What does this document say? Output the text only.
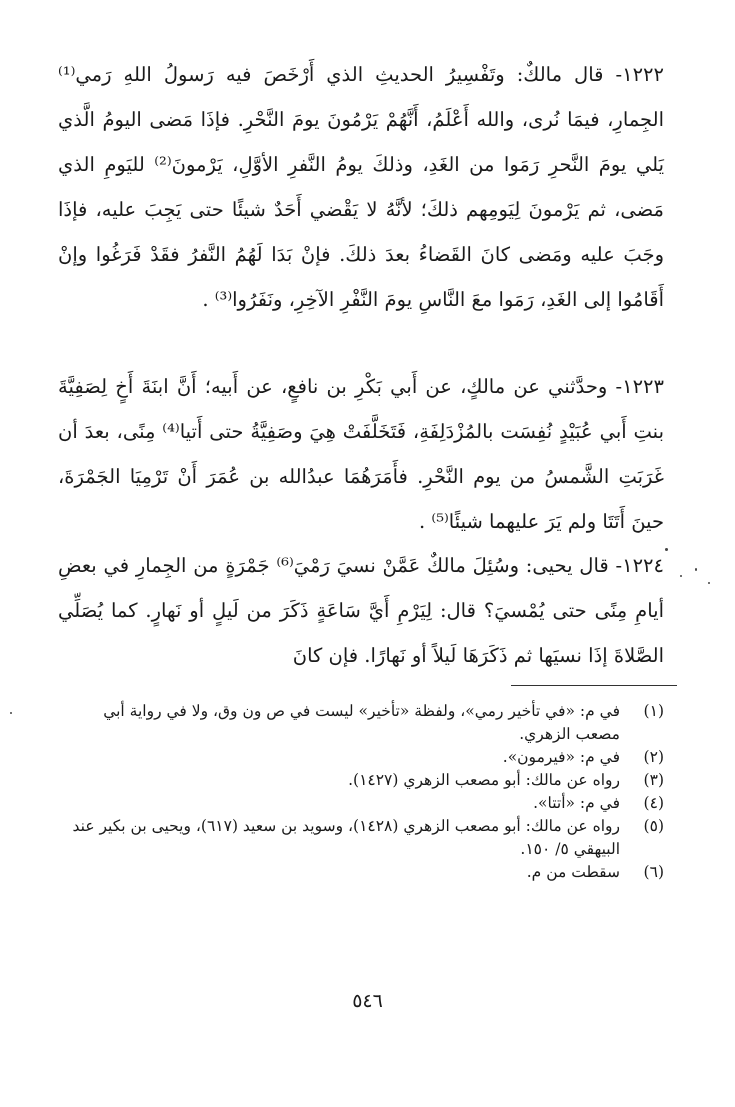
١٢٢٢- قال مالكٌ: وتَفْسِيرُ الحديثِ الذي أَرْخَصَ فيه رَسولُ اللهِ رَمي⁽¹⁾ الجِمارِ، فيمَا نُرى، والله أَعْلَمُ، أَنَّهُمْ يَرْمُونَ يومَ النَّحْرِ. فإذَا مَضى اليومُ الَّذي يَلي يومَ النَّحرِ رَمَوا من الغَدِ، وذلكَ يومُ النَّفرِ الأوَّلِ، يَرْمونَ⁽²⁾ لليَومِ الذي مَضى، ثم يَرْمونَ لِيَومِهم ذلكَ؛ لأنَّهُ لا يَقْضي أَحَدٌ شيئًا حتى يَجِبَ عليه، فإذَا وجَبَ عليه ومَضى كانَ القَضاءُ بعدَ ذلكَ. فإنْ بَدَا لَهُمُ النَّفرُ فقَدْ فَرَغُوا وإنْ أَقَامُوا إلى الغَدِ، رَمَوا معَ النَّاسِ يومَ النَّفْرِ الآخِرِ، ونَفَرُوا⁽³⁾ .

١٢٢٣- وحدَّثني عن مالكٍ، عن أَبي بَكْرِ بن نافعٍ، عن أَبيه؛ أَنَّ ابنَةَ أَخٍ لِصَفِيَّةَ بنتِ أَبي عُبَيْدٍ نُفِسَت بالمُزْدَلِفَةِ، فَتَخَلَّفَتْ هِيَ وصَفِيَّةُ حتى أَتيا⁽⁴⁾ مِنًى، بعدَ أن غَرَبَتِ الشَّمسُ من يوم النَّحْرِ. فأَمَرَهُمَا عبدُالله بن عُمَرَ أَنْ تَرْمِيَا الجَمْرَةَ، حينَ أَتَتَا ولم يَرَ عليهما شيئًا⁽⁵⁾ .

١٢٢٤- قال يحيى: وسُئِلَ مالكٌ عَمَّنْ نسيَ رَمْيَ⁽⁶⁾ جَمْرَةٍ من الجِمارِ في بعضِ أيامِ مِنًى حتى يُمْسيَ؟ قال: لِيَرْمِ أَيَّ سَاعَةٍ ذَكَرَ من لَيلٍ أو نَهارٍ. كما يُصَلِّي الصَّلاةَ إذَا نسيَها ثم ذَكَرَهَا لَيلاً أو نَهارًا. فإن كانَ

(١)
في م: «في تأخير رمي»، ولفظة «تأخير» ليست في ص ون وق، ولا في رواية أبي مصعب الزهري.
(٢)
في م: «فيرمون».
(٣)
رواه عن مالك: أبو مصعب الزهري (١٤٢٧).
(٤)
في م: «أتتا».
(٥)
رواه عن مالك: أبو مصعب الزهري (١٤٢٨)، وسويد بن سعيد (٦١٧)، ويحيى بن بكير عند البيهقي ٥/ ١٥٠.
(٦)
سقطت من م.
٥٤٦
